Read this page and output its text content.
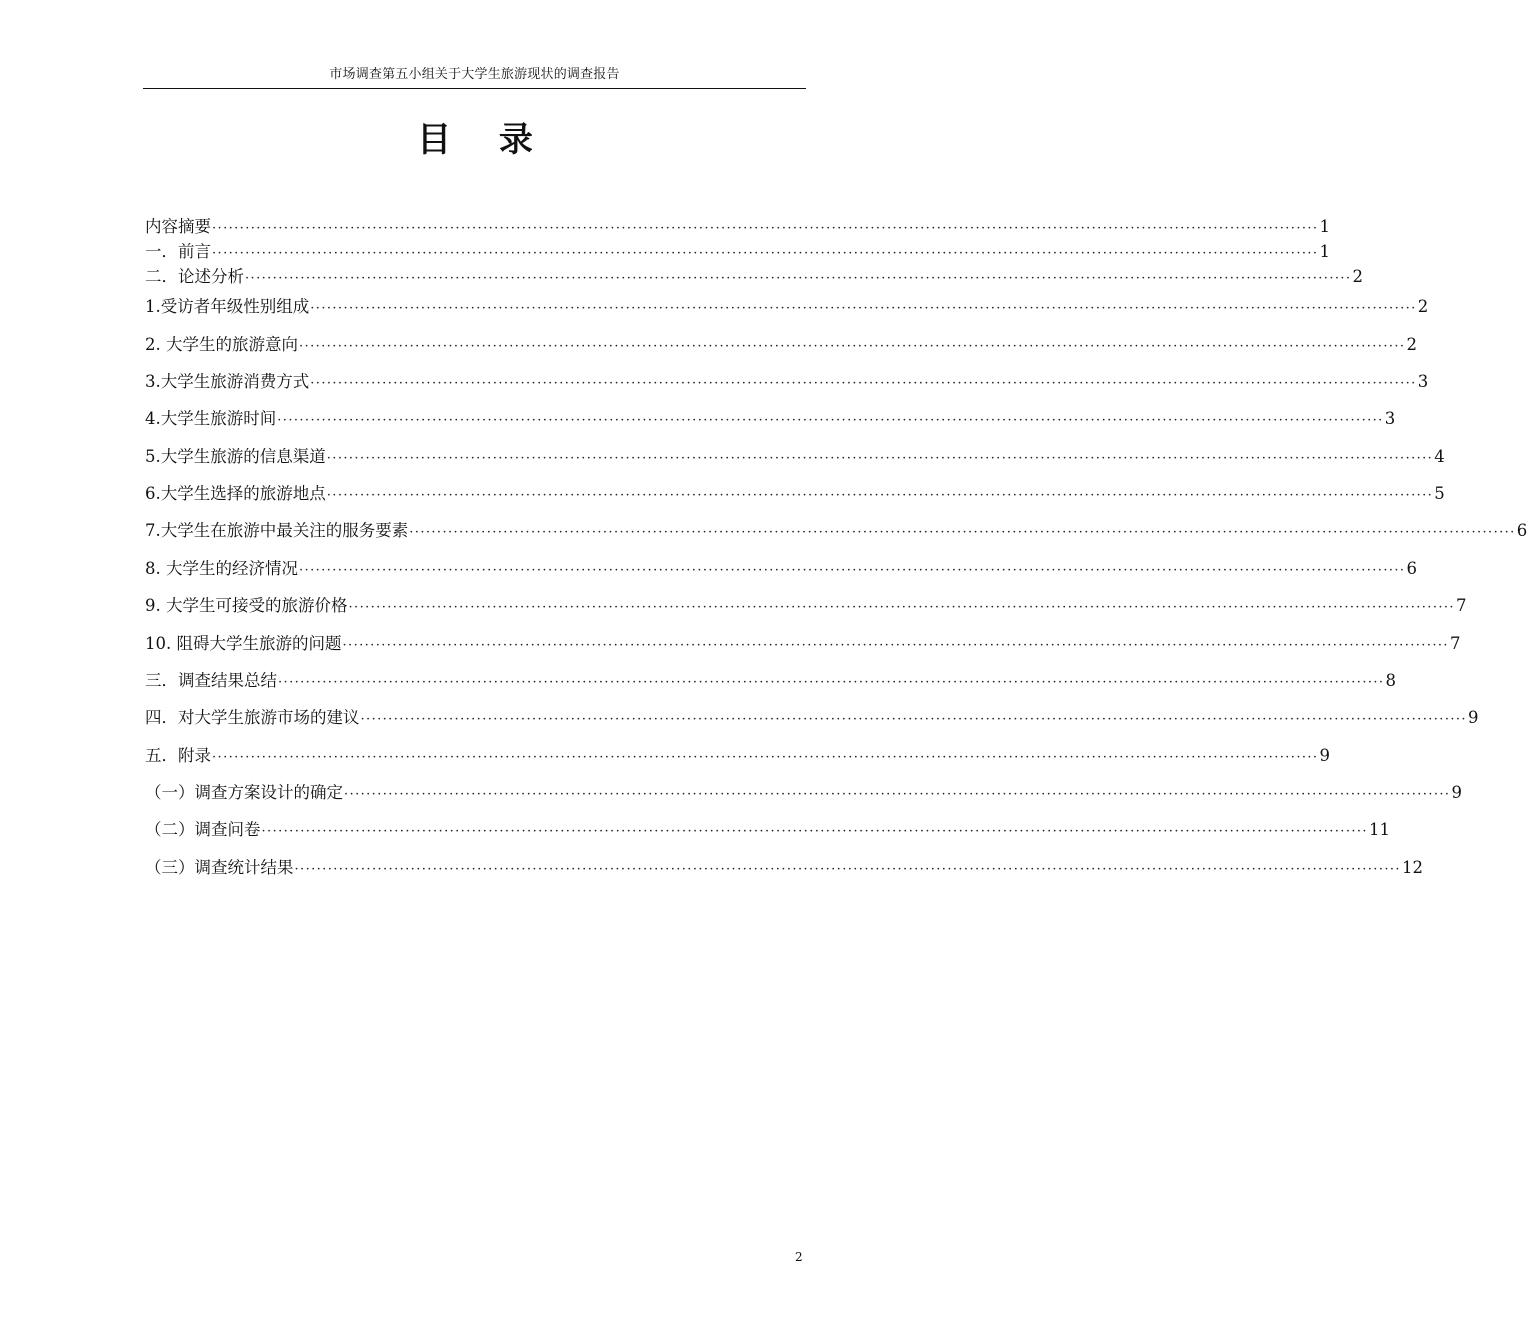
市场调查第五小组关于大学生旅游现状的调查报告
目 录
内容摘要 ········································································································································································································ 1
一．前言 ········································································································································································································ 1
二．论述分析 ········································································································································································································ 2
1.受访者年级性别组成 ········································································································································································································ 2
2. 大学生的旅游意向 ········································································································································································································ 2
3.大学生旅游消费方式 ········································································································································································································ 3
4.大学生旅游时间 ········································································································································································································ 3
5.大学生旅游的信息渠道 ········································································································································································································ 4
6.大学生选择的旅游地点 ········································································································································································································ 5
7.大学生在旅游中最关注的服务要素 ········································································································································································································ 6
8. 大学生的经济情况 ········································································································································································································ 6
9. 大学生可接受的旅游价格 ········································································································································································································ 7
10. 阻碍大学生旅游的问题 ········································································································································································································ 7
三．调查结果总结 ········································································································································································································ 8
四．对大学生旅游市场的建议 ········································································································································································································ 9
五．附录 ········································································································································································································ 9
（一）调查方案设计的确定 ········································································································································································································ 9
（二）调查问卷 ········································································································································································································ 11
（三）调查统计结果 ········································································································································································································ 12
2
